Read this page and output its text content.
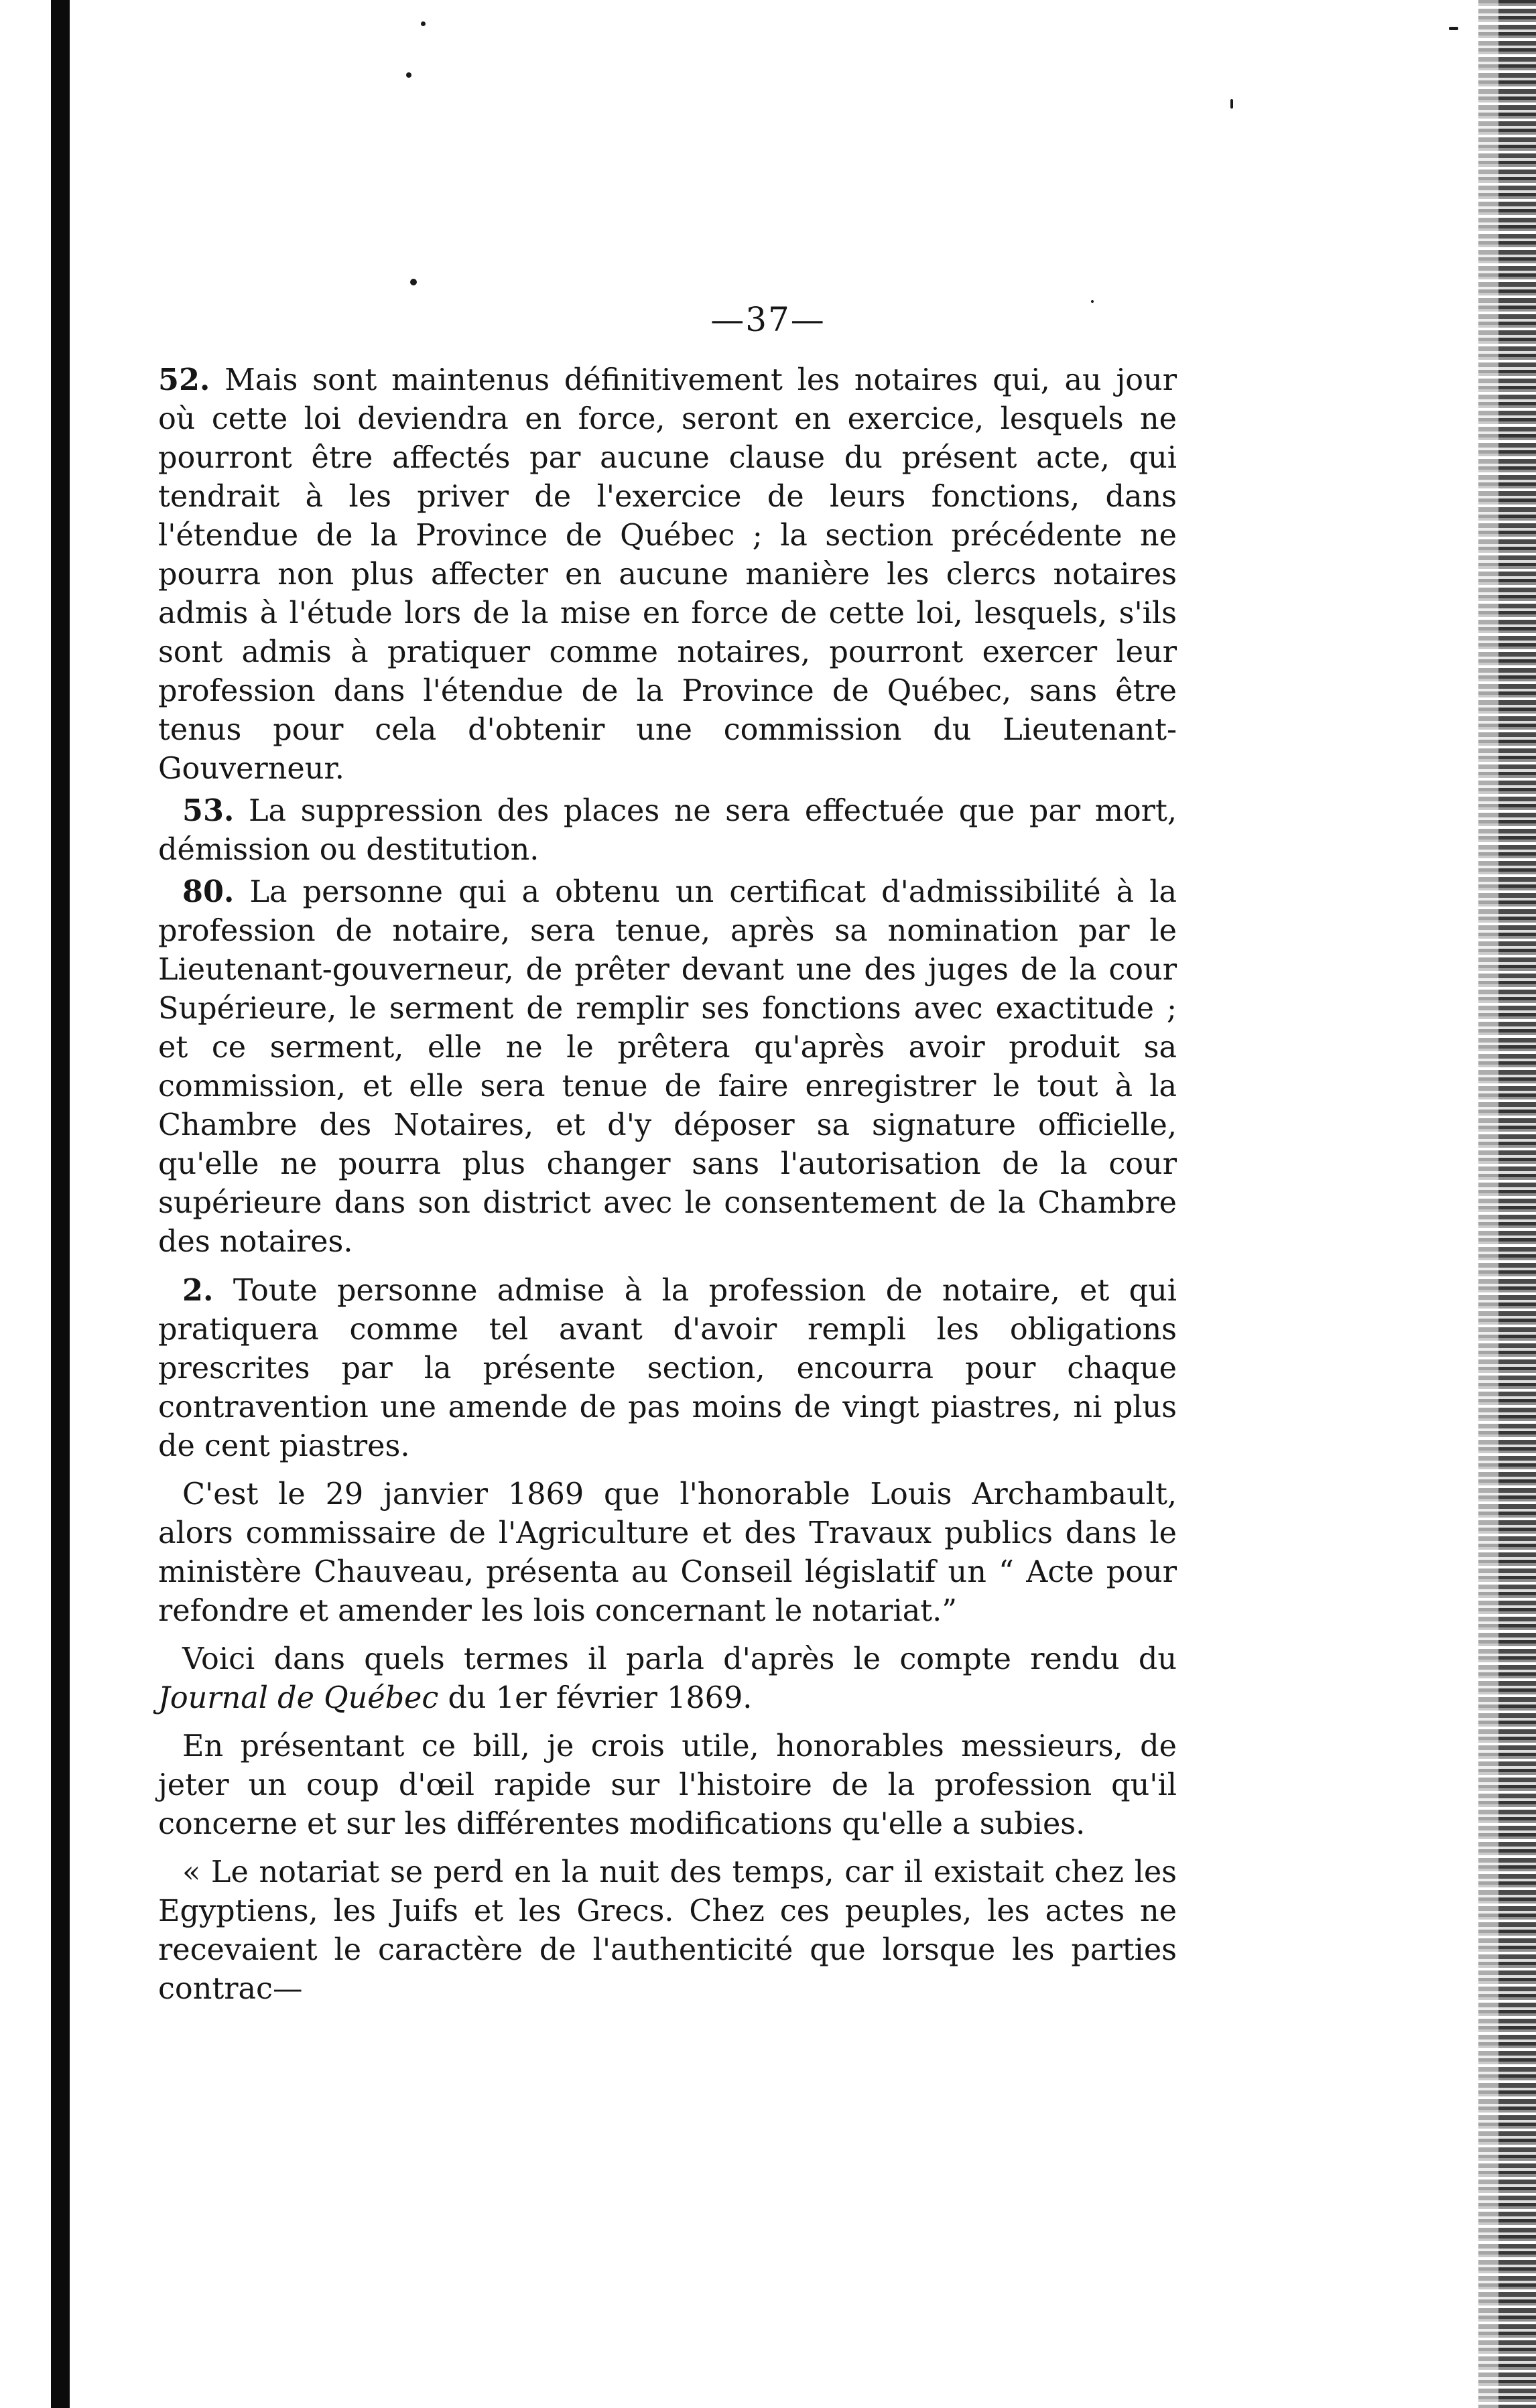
—37—

52. Mais sont maintenus définitivement les notaires qui, au jour où cette loi deviendra en force, seront en exercice, lesquels ne pourront être affectés par aucune clause du présent acte, qui tendrait à les priver de l'exercice de leurs fonctions, dans l'étendue de la Province de Québec ; la section précédente ne pourra non plus affecter en aucune manière les clercs notaires admis à l'étude lors de la mise en force de cette loi, lesquels, s'ils sont admis à pratiquer comme notaires, pourront exercer leur profession dans l'étendue de la Province de Québec, sans être tenus pour cela d'obtenir une commission du Lieutenant-Gouverneur.

53. La suppression des places ne sera effectuée que par mort, démission ou destitution.

80. La personne qui a obtenu un certificat d'admissibilité à la profession de notaire, sera tenue, après sa nomination par le Lieutenant-gouverneur, de prêter devant une des juges de la cour Supérieure, le serment de remplir ses fonctions avec exactitude ; et ce serment, elle ne le prêtera qu'après avoir produit sa commission, et elle sera tenue de faire enregistrer le tout à la Chambre des Notaires, et d'y déposer sa signature officielle, qu'elle ne pourra plus changer sans l'autorisation de la cour supérieure dans son district avec le consentement de la Chambre des notaires.

2. Toute personne admise à la profession de notaire, et qui pratiquera comme tel avant d'avoir rempli les obligations prescrites par la présente section, encourra pour chaque contravention une amende de pas moins de vingt piastres, ni plus de cent piastres.

C'est le 29 janvier 1869 que l'honorable Louis Archambault, alors commissaire de l'Agriculture et des Travaux publics dans le ministère Chauveau, présenta au Conseil législatif un “ Acte pour refondre et amender les lois concernant le notariat.”

Voici dans quels termes il parla d'après le compte rendu du Journal de Québec du 1er février 1869.

En présentant ce bill, je crois utile, honorables messieurs, de jeter un coup d'œil rapide sur l'histoire de la profession qu'il concerne et sur les différentes modifications qu'elle a subies.

« Le notariat se perd en la nuit des temps, car il existait chez les Egyptiens, les Juifs et les Grecs. Chez ces peuples, les actes ne recevaient le caractère de l'authenticité que lorsque les parties contrac—
